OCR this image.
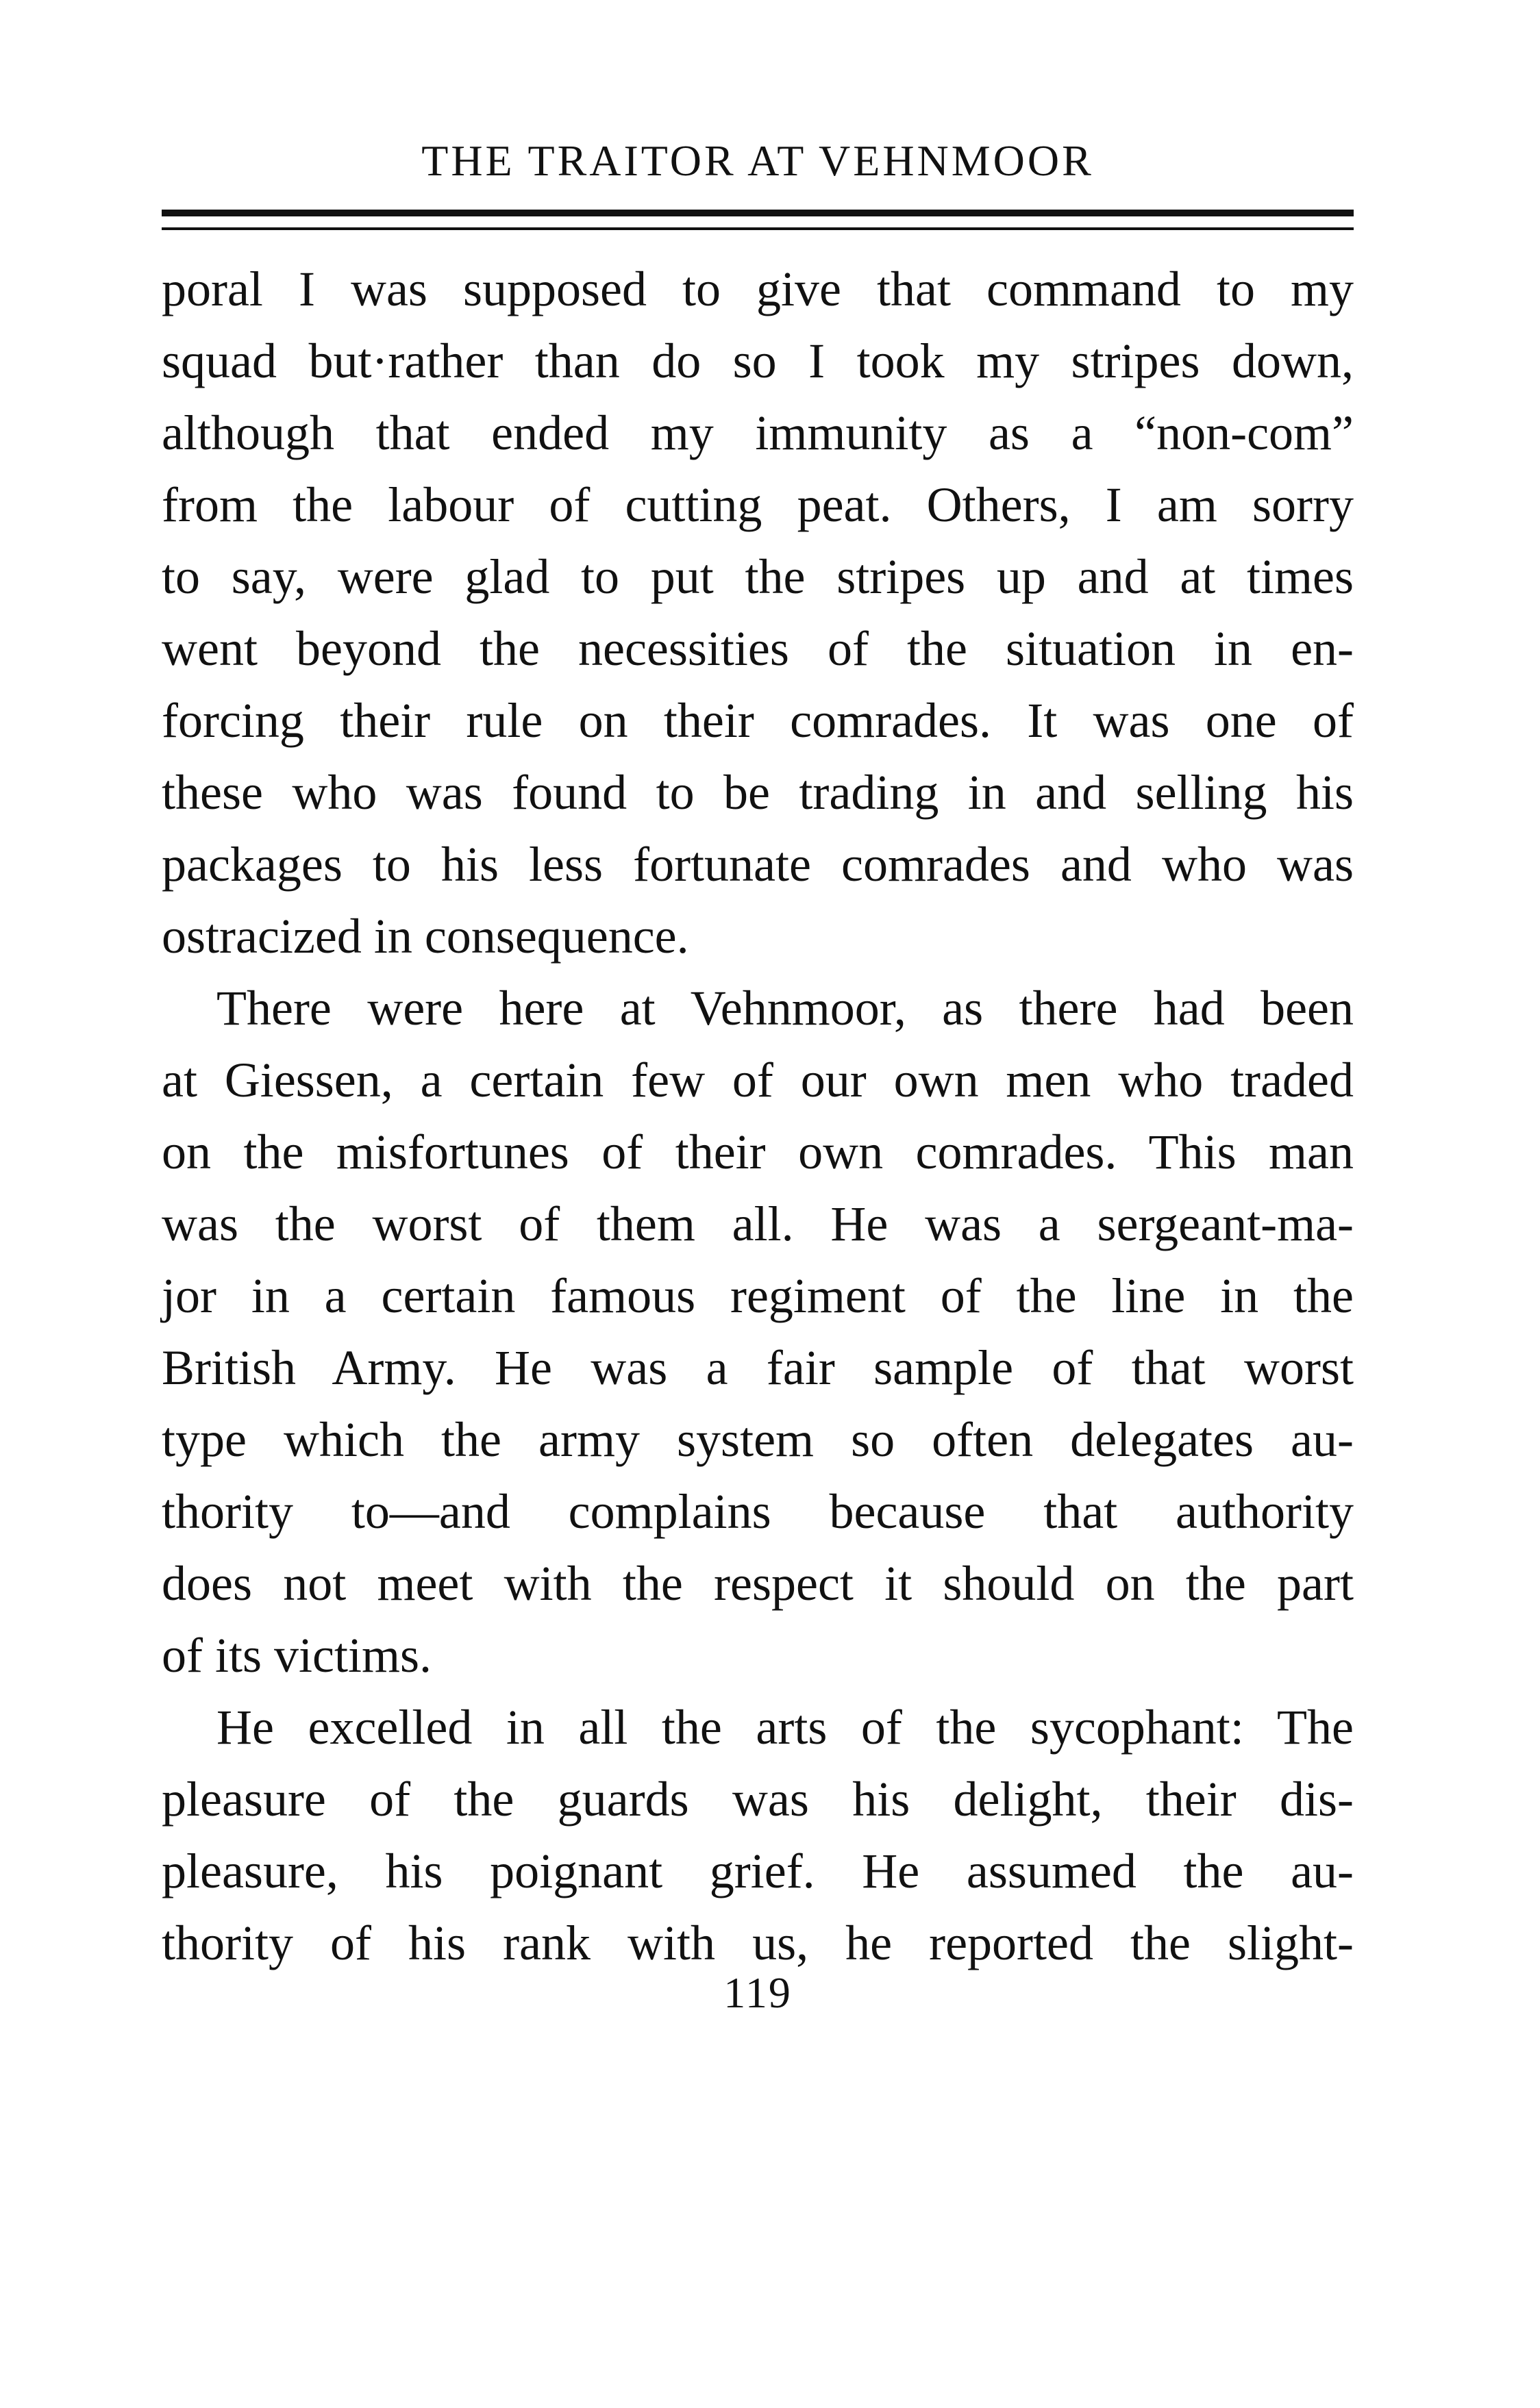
THE TRAITOR AT VEHNMOOR
poral I was supposed to give that command to my
squad but·rather than do so I took my stripes down,
although that ended my immunity as a “non-com”
from the labour of cutting peat. Others, I am sorry
to say, were glad to put the stripes up and at times
went beyond the necessities of the situation in en-
forcing their rule on their comrades. It was one of
these who was found to be trading in and selling his
packages to his less fortunate comrades and who was
ostracized in consequence.
There were here at Vehnmoor, as there had been
at Giessen, a certain few of our own men who traded
on the misfortunes of their own comrades. This man
was the worst of them all. He was a sergeant-ma-
jor in a certain famous regiment of the line in the
British Army. He was a fair sample of that worst
type which the army system so often delegates au-
thority to—and complains because that authority
does not meet with the respect it should on the part
of its victims.
He excelled in all the arts of the sycophant: The
pleasure of the guards was his delight, their dis-
pleasure, his poignant grief. He assumed the au-
thority of his rank with us, he reported the slight-
119
